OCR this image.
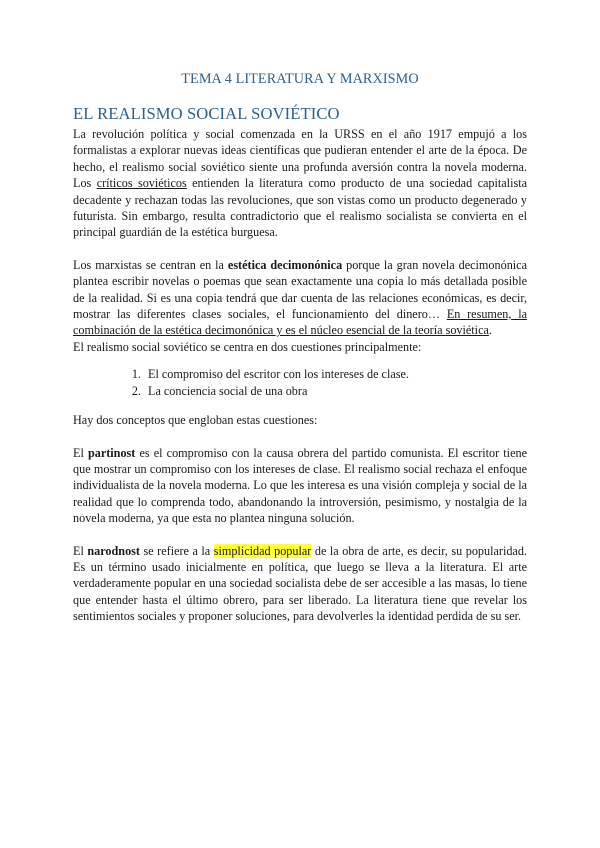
TEMA 4 LITERATURA Y MARXISMO
EL REALISMO SOCIAL SOVIÉTICO

La revolución política y social comenzada en la URSS en el año 1917 empujó a los formalistas a explorar nuevas ideas científicas que pudieran entender el arte de la época. De hecho, el realismo social soviético siente una profunda aversión contra la novela moderna. Los críticos soviéticos entienden la literatura como producto de una sociedad capitalista decadente y rechazan todas las revoluciones, que son vistas como un producto degenerado y futurista. Sin embargo, resulta contradictorio que el realismo socialista se convierta en el principal guardián de la estética burguesa.

Los marxistas se centran en la estética decimonónica porque la gran novela decimonónica plantea escribir novelas o poemas que sean exactamente una copia lo más detallada posible de la realidad. Si es una copia tendrá que dar cuenta de las relaciones económicas, es decir, mostrar las diferentes clases sociales, el funcionamiento del dinero… En resumen, la combinación de la estética decimonónica y es el núcleo esencial de la teoría soviética.

El realismo social soviético se centra en dos cuestiones principalmente:

1. El compromiso del escritor con los intereses de clase.
2. La conciencia social de una obra

Hay dos conceptos que engloban estas cuestiones:

El partinost es el compromiso con la causa obrera del partido comunista. El escritor tiene que mostrar un compromiso con los intereses de clase. El realismo social rechaza el enfoque individualista de la novela moderna. Lo que les interesa es una visión compleja y social de la realidad que lo comprenda todo, abandonando la introversión, pesimismo, y nostalgia de la novela moderna, ya que esta no plantea ninguna solución.

El narodnost se refiere a la simplicidad popular de la obra de arte, es decir, su popularidad. Es un término usado inicialmente en política, que luego se lleva a la literatura. El arte verdaderamente popular en una sociedad socialista debe de ser accesible a las masas, lo tiene que entender hasta el último obrero, para ser liberado. La literatura tiene que revelar los sentimientos sociales y proponer soluciones, para devolverles la identidad perdida de su ser.
